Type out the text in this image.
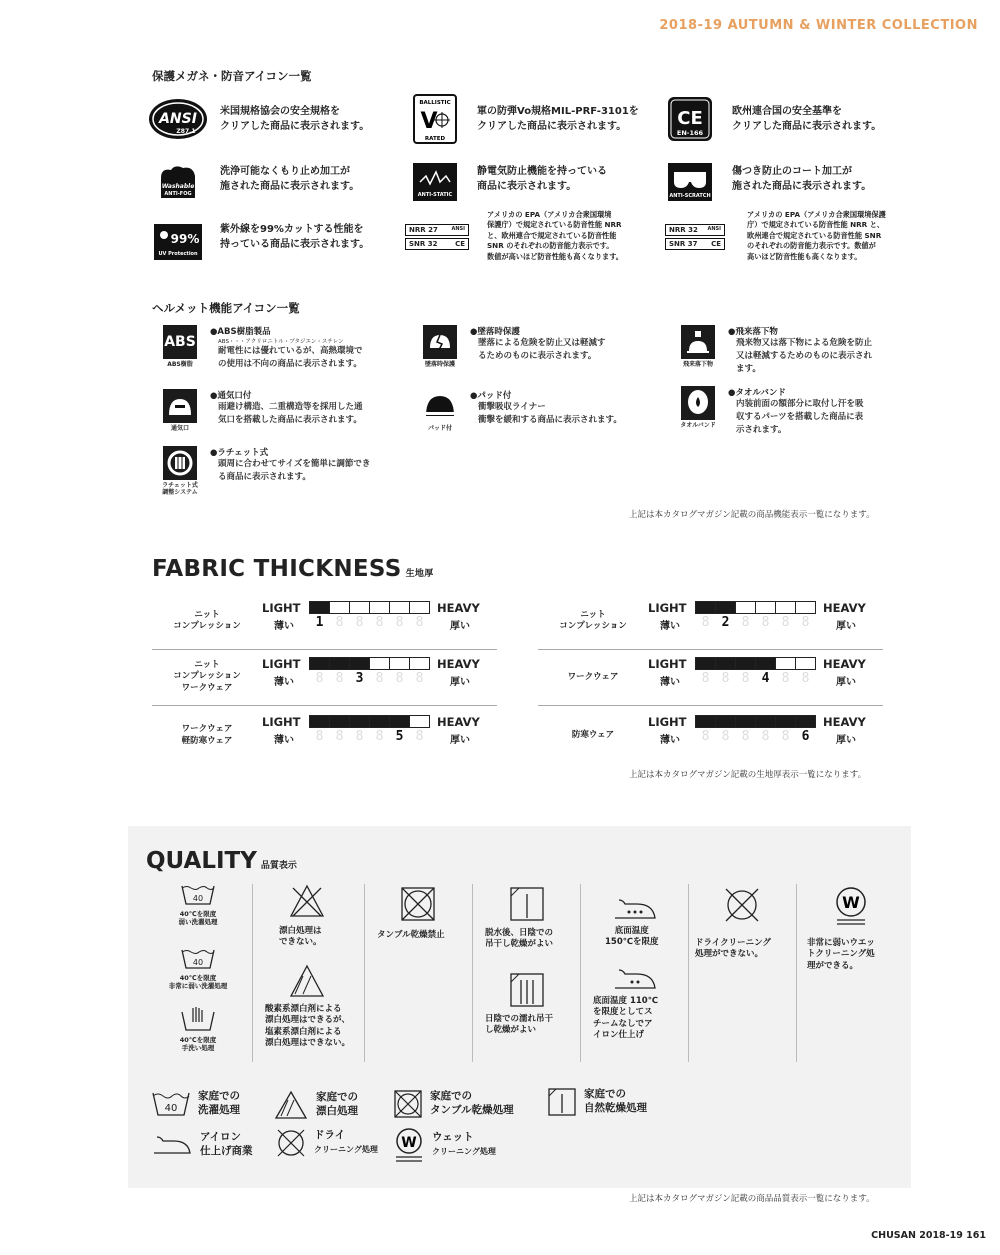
2018-19 AUTUMN & WINTER COLLECTION
保護メガネ・防音アイコン一覧
ANSI
Z87.1
米国規格協会の安全規格を
クリアした商品に表示されます。
BALLISTIC
V
RATED
軍の防弾Vo規格MIL-PRF-3101を
クリアした商品に表示されます。	CE
EN-166
欧州連合国の安全基準を
クリアした商品に表示されます。
Washable
ANTI-FOG
洗浄可能なくもり止め加工が
施された商品に表示されます。
ANTI-STATIC
静電気防止機能を持っている
商品に表示されます。
ANTI-SCRATCH
傷つき防止のコート加工が
施された商品に表示されます。
99%
UV Protection
紫外線を99%カットする性能を
持っている商品に表示されます。
NRR 27	ANSI
SNR 32	CE
アメリカの EPA（アメリカ合衆国環境
保護庁）で規定されている防音性能 NRR
と、欧州連合で規定されている防音性能
SNR のそれぞれの防音能力表示です。
数値が高いほど防音性能も高くなります。
NRR 32 ANSI
SNR 37 CE
アメリカの EPA（アメリカ合衆国環境保護
庁）で規定されている防音性能 NRR と、
欧州連合で規定されている防音性能 SNR
のそれぞれの防音能力表示です。数値が
高いほど防音性能も高くなります。
ヘルメット機能アイコン一覧
ABS
ABS樹脂
●ABS樹脂製品
ABS・・・アクリロニトル・ブタジエン・スチレン
耐電性には優れているが、高熱環境で
の使用は不向の商品に表示されます。	墜落時保護
●墜落時保護
墜落による危険を防止又は軽減す
るためのものに表示されます。
飛来落下物
●飛来落下物
飛来物又は落下物による危険を防止
又は軽減するためのものに表示され
ます。
通気口
●通気口付
雨避け構造、二重構造等を採用した通
気口を搭載した商品に表示されます。
パッド付
●パッド付
衝撃吸収ライナー
衝撃を緩和する商品に表示されます。
タオルバンド
●タオルバンド
内装前面の額部分に取付し汗を吸
収するパーツを搭載した商品に表
示されます。
ラチェット式
調整システム
●ラチェット式
頭周に合わせてサイズを簡単に調節でき
る商品に表示されます。
上記は本カタログマガジン記載の商品機能表示一覧になります。
FABRIC THICKNESS 生地厚
ニット
コンプレッション
LIGHT	HEAVY
薄い	厚い
1 8 8 8 8 8
ニット
コンプレッション
LIGHT	HEAVY
薄い	厚い
8 2 8 8 8 8
ニット
コンプレッション
ワークウェア
LIGHT	HEAVY
薄い	厚い
8 8 3 8 8 8	ワークウェア
LIGHT	HEAVY
薄い	厚い
8 8 8 4 8 8
ワークウェア
軽防寒ウェア
LIGHT	HEAVY
薄い	厚い
8 8 8 8 5 8	防寒ウェア
LIGHT	HEAVY
薄い	厚い
8 8 8 8 8 6
上記は本カタログマガジン記載の生地厚表示一覧になります。
QUALITY 品質表示
40
40℃を限度
弱い洗濯処理
40
40℃を限度
非常に弱い洗濯処理
40℃を限度
手洗い処理
漂白処理は
できない。
酸素系漂白剤による
漂白処理はできるが、
塩素系漂白剤による
漂白処理はできない。
タンブル乾燥禁止	脱水後、日陰での
吊干し乾燥がよい
日陰での濡れ吊干
し乾燥がよい
底面温度
150℃を限度
底面温度 110℃
を限度としてス
チームなしでア
イロン仕上げ
ドライクリーニング
処理ができない。
W
非常に弱いウエッ
トクリーニング処
理ができる。
40
家庭での
洗濯処理
家庭での
漂白処理
家庭での
タンブル乾燥処理
家庭での
自然乾燥処理
アイロン
仕上げ商業
ドライ
クリーニング処理 W ウェット
クリーニング処理
上記は本カタログマガジン記載の商品品質表示一覧になります。
CHUSAN 2018-19 161
